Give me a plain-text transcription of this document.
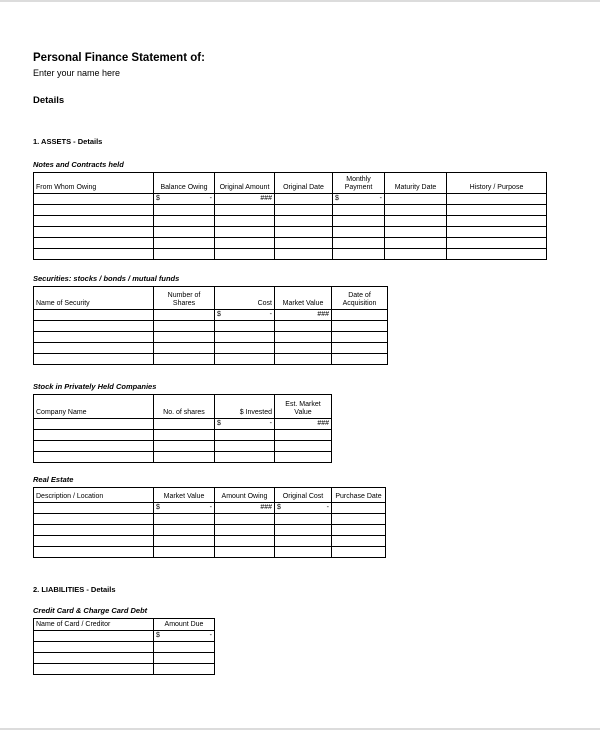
Personal Finance Statement of:

Enter your name here

Details
1. ASSETS - Details
Notes and Contracts held
From Whom Owing	Balance Owing	Original Amount	Original Date	Monthly Payment	Maturity Date	History / Purpose

	$ -	###		$ -		

Securities: stocks / bonds / mutual funds
Name of Security	Number of Shares	Cost	Market Value	Date of Acquisition

		$ -	###	

Stock in Privately Held Companies
Company Name	No. of shares	$ Invested	Est. Market Value

		$ -	###

Real Estate
Description / Location	Market Value	Amount Owing	Original Cost	Purchase Date

	$ -	###	$ -	

2. LIABILITIES - Details
Credit Card & Charge Card Debt
Name of Card / Creditor	Amount Due

	$ -
